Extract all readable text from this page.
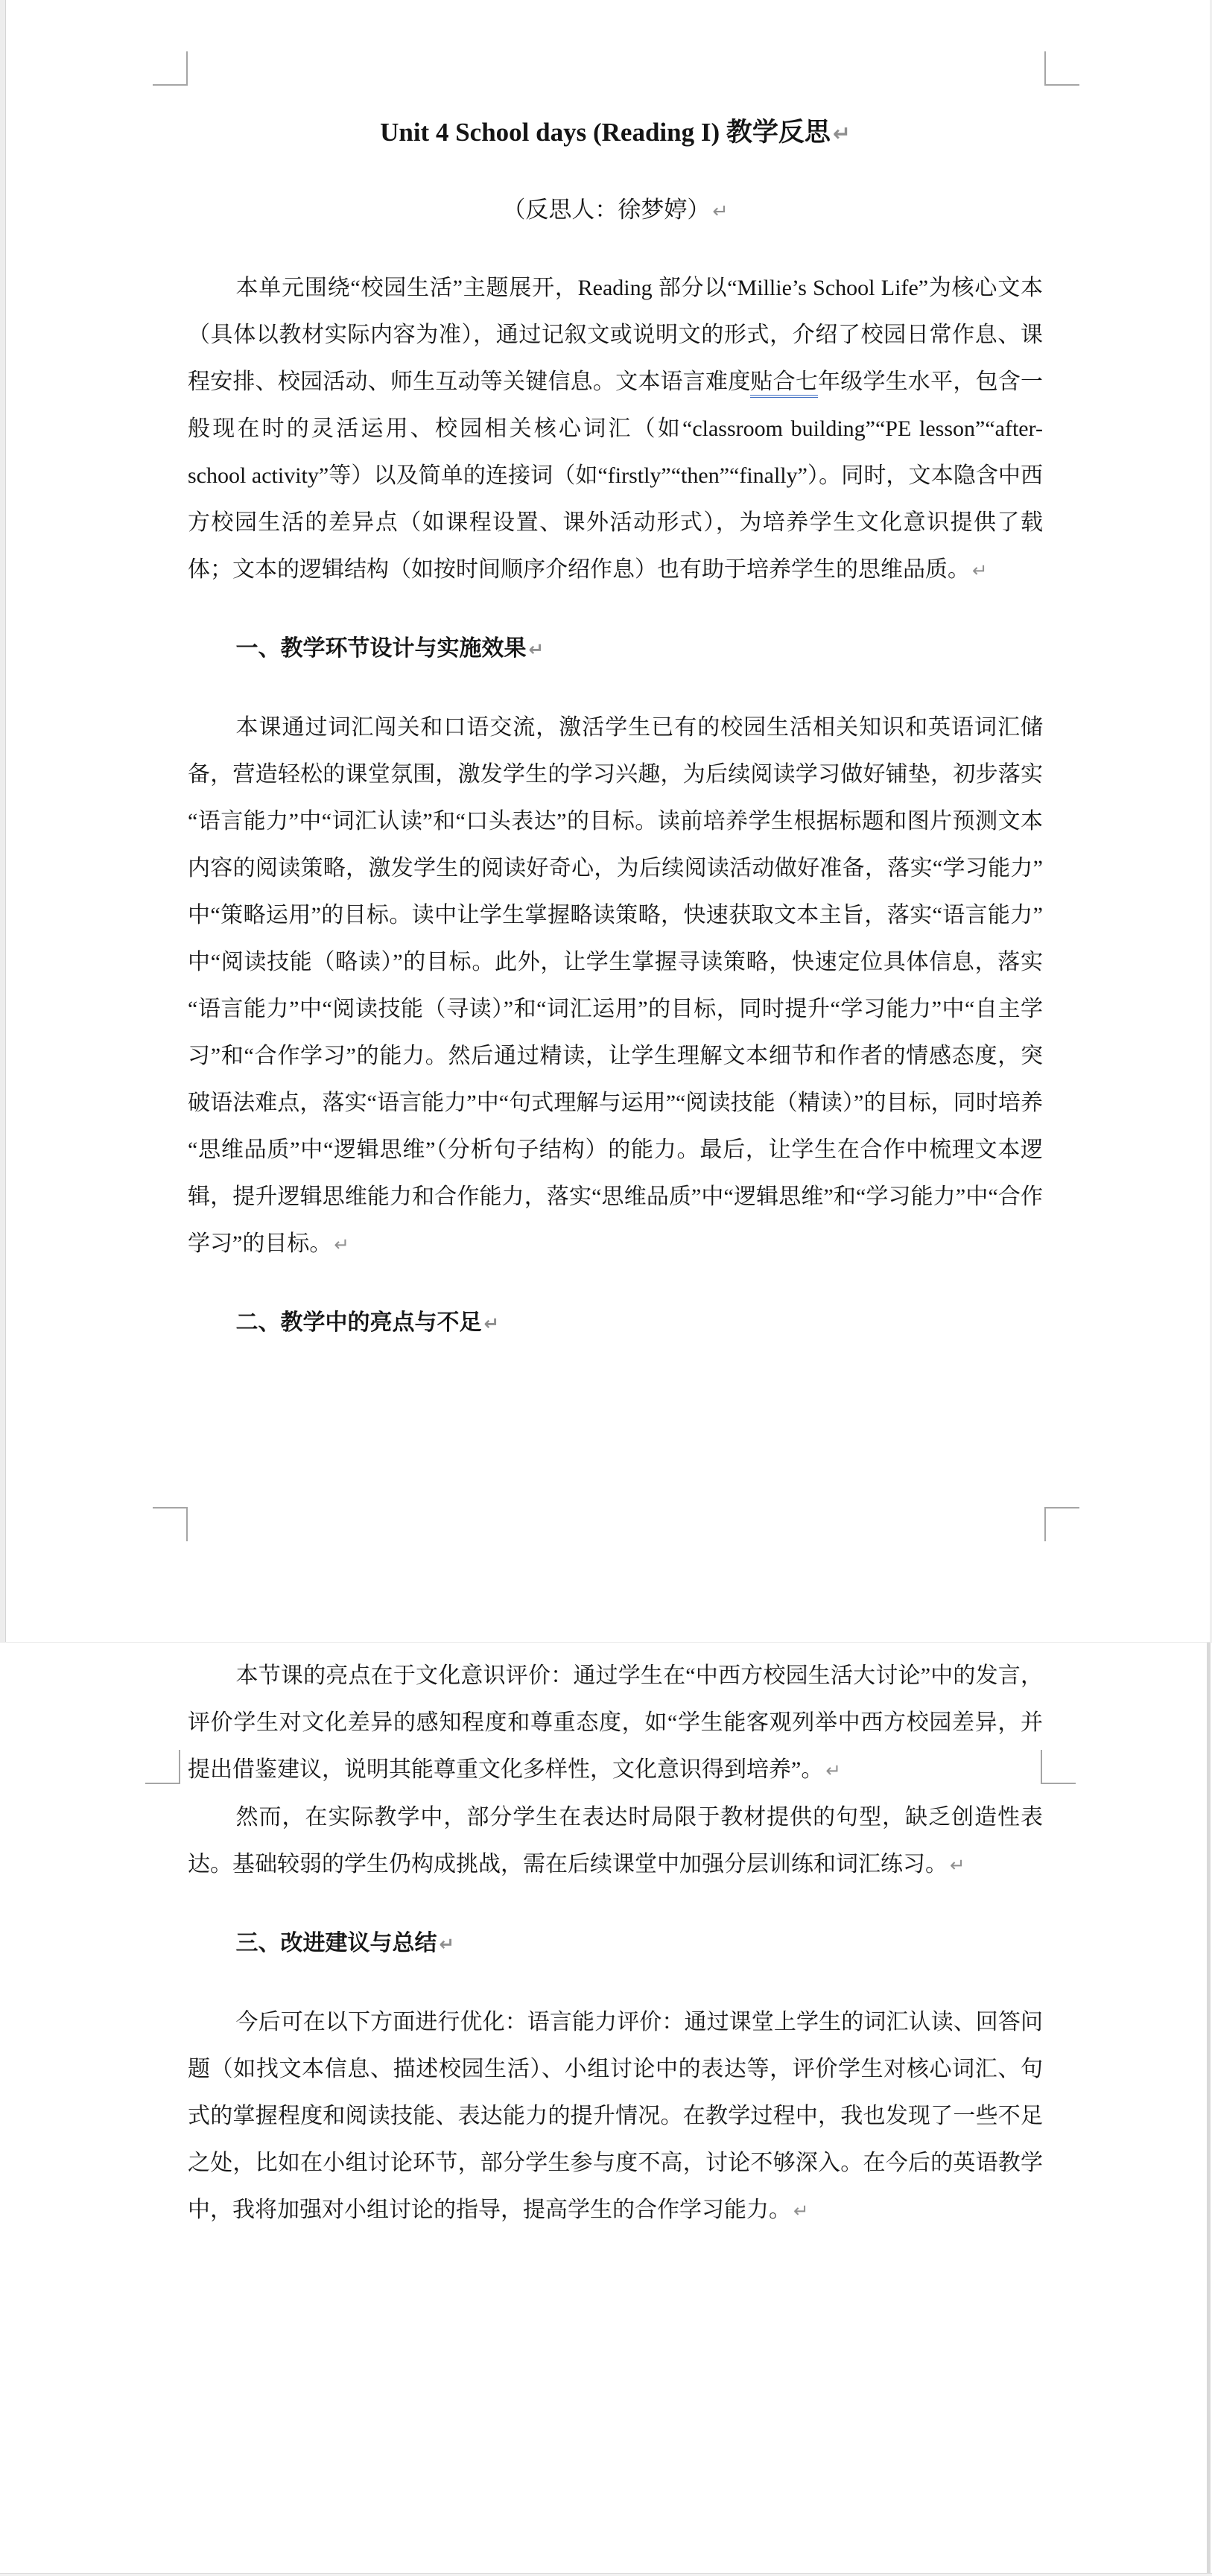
Unit 4 School days (Reading I) 教学反思 ↵
（反思人：徐梦婷） ↵
本单元围绕“校园生活”主题展开，Reading 部分以“Millie’s School Life”为核心文本（具体以教材实际内容为准），通过记叙文或说明文的形式，介绍了校园日常作息、课程安排、校园活动、师生互动等关键信息。文本语言难度贴合七年级学生水平，包含一般现在时的灵活运用、校园相关核心词汇（如“classroom building”“PE lesson”“after-school activity”等）以及简单的连接词（如“firstly”“then”“finally”）。同时，文本隐含中西方校园生活的差异点（如课程设置、课外活动形式），为培养学生文化意识提供了载体；文本的逻辑结构（如按时间顺序介绍作息）也有助于培养学生的思维品质。 ↵
一、教学环节设计与实施效果 ↵
本课通过词汇闯关和口语交流，激活学生已有的校园生活相关知识和英语词汇储备，营造轻松的课堂氛围，激发学生的学习兴趣，为后续阅读学习做好铺垫，初步落实“语言能力”中“词汇认读”和“口头表达”的目标。读前培养学生根据标题和图片预测文本内容的阅读策略，激发学生的阅读好奇心，为后续阅读活动做好准备，落实“学习能力”中“策略运用”的目标。读中让学生掌握略读策略，快速获取文本主旨，落实“语言能力”中“阅读技能（略读）”的目标。此外，让学生掌握寻读策略，快速定位具体信息，落实“语言能力”中“阅读技能（寻读）”和“词汇运用”的目标，同时提升“学习能力”中“自主学习”和“合作学习”的能力。然后通过精读，让学生理解文本细节和作者的情感态度，突破语法难点，落实“语言能力”中“句式理解与运用”“阅读技能（精读）”的目标，同时培养“思维品质”中“逻辑思维”（分析句子结构）的能力。最后，让学生在合作中梳理文本逻辑，提升逻辑思维能力和合作能力，落实“思维品质”中“逻辑思维”和“学习能力”中“合作学习”的目标。 ↵
二、教学中的亮点与不足 ↵
本节课的亮点在于文化意识评价：通过学生在“中西方校园生活大讨论”中的发言，评价学生对文化差异的感知程度和尊重态度，如“学生能客观列举中西方校园差异，并提出借鉴建议，说明其能尊重文化多样性，文化意识得到培养”。 ↵
然而，在实际教学中，部分学生在表达时局限于教材提供的句型，缺乏创造性表达。基础较弱的学生仍构成挑战，需在后续课堂中加强分层训练和词汇练习。 ↵
三、改进建议与总结 ↵
今后可在以下方面进行优化：语言能力评价：通过课堂上学生的词汇认读、回答问题（如找文本信息、描述校园生活）、小组讨论中的表达等，评价学生对核心词汇、句式的掌握程度和阅读技能、表达能力的提升情况。在教学过程中，我也发现了一些不足之处，比如在小组讨论环节，部分学生参与度不高，讨论不够深入。在今后的英语教学中，我将加强对小组讨论的指导，提高学生的合作学习能力。 ↵
